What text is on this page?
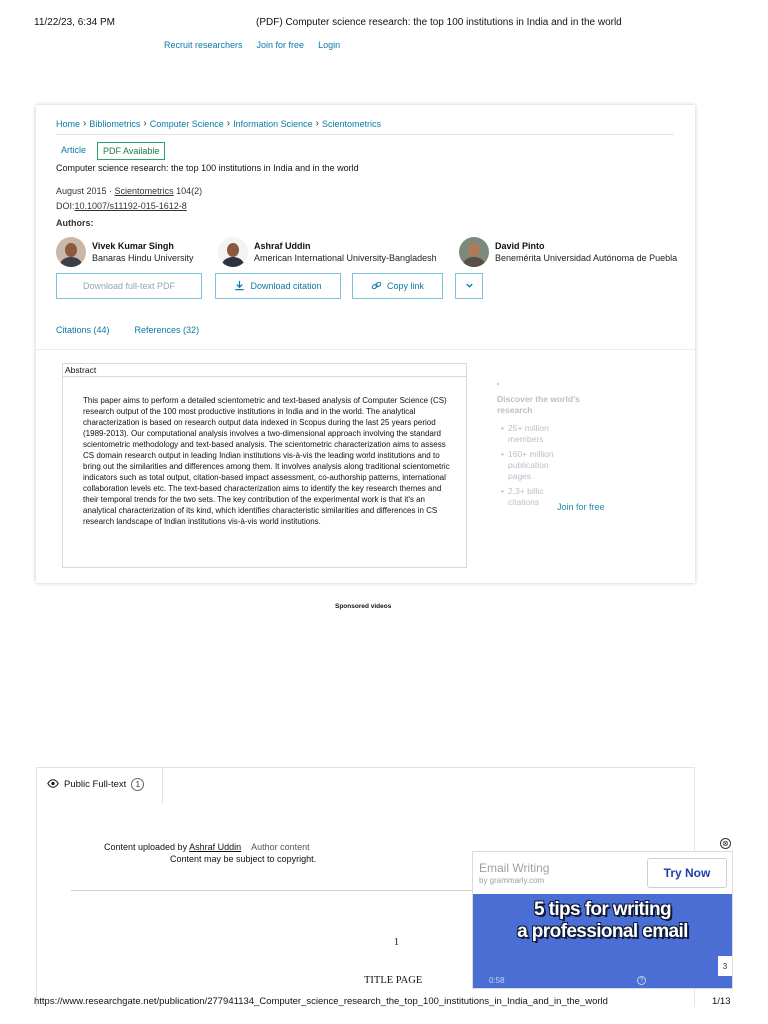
11/22/23, 6:34 PM	(PDF) Computer science research: the top 100 institutions in India and in the world
Recruit researchers Join for free Login
Home › Bibliometrics › Computer Science › Information Science › Scientometrics
Article	PDF Available
Computer science research: the top 100 institutions in India and in the world
August 2015 · Scientometrics 104(2)
DOI:10.1007/s11192-015-1612-8
Authors:
Vivek Kumar Singh
Banaras Hindu University
Ashraf Uddin
American International University-Bangladesh
David Pinto
Benemérita Universidad Autónoma de Puebla
Download full-text PDF	Download citation	Copy link
Citations (44)	References (32)
Abstract
This paper aims to perform a detailed scientometric and text-based analysis of Computer Science (CS) research output of the 100 most productive institutions in India and in the world. The analytical characterization is based on research output data indexed in Scopus during the last 25 years period (1989-2013). Our computational analysis involves a two-dimensional approach involving the standard scientometric methodology and text-based analysis. The scientometric characterization aims to assess CS domain research output in leading Indian institutions vis-à-vis the leading world institutions and to bring out the similarities and differences among them. It involves analysis along traditional scientometric indicators such as total output, citation-based impact assessment, co-authorship patterns, international collaboration levels etc. The text-based characterization aims to identify the key research themes and their temporal trends for the two sets. The key contribution of the experimental work is that it's an analytical characterization of its kind, which identifies characteristic similarities and differences in CS research landscape of Indian institutions vis-à-vis world institutions.
Discover the world's research
• 25+ million members
• 160+ million publication pages
• 2.3+ billic citations
Join for free
Sponsored videos
Public Full-text	1
Content uploaded by Ashraf Uddin Author content
Content may be subject to copyright.
1
TITLE PAGE
⊗
Email Writing
by grammarly.com
Try Now
5 tips for writing
a professional email
0:58	?
3
https://www.researchgate.net/publication/277941134_Computer_science_research_the_top_100_institutions_in_India_and_in_the_world	1/13
